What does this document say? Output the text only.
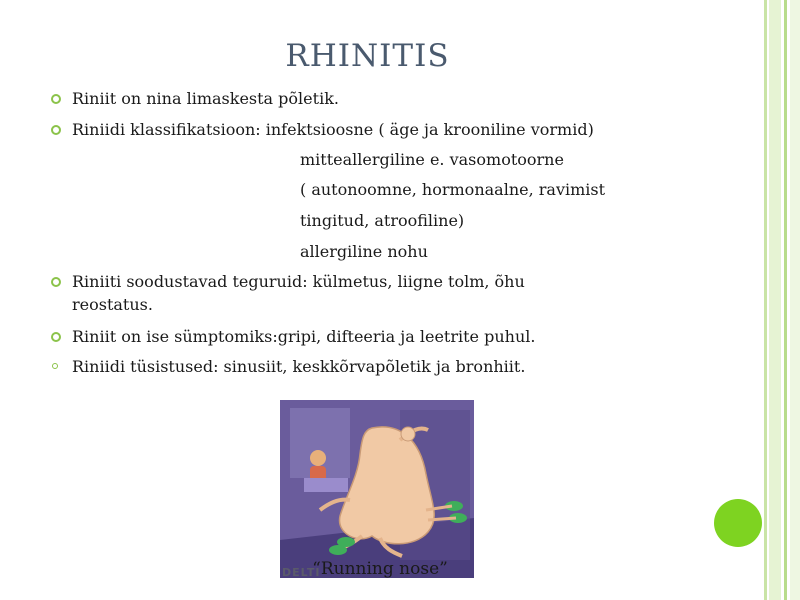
RHINITIS
Riniit on nina limaskesta põletik.
Riniidi klassifikatsioon: infektsioosne ( äge ja krooniline vormid)
mitteallergiline e. vasomotoorne
( autonoomne, hormonaalne, ravimist
tingitud, atroofiline)
allergiline nohu
Riniiti soodustavad teguruid: külmetus, liigne tolm, õhu
reostatus.
Riniit on ise sümptomiks:gripi, difteeria ja leetrite puhul.
Riniidi tüsistused: sinusiit, keskkõrvapõletik ja bronhiit.
DELTI
“Running nose”
